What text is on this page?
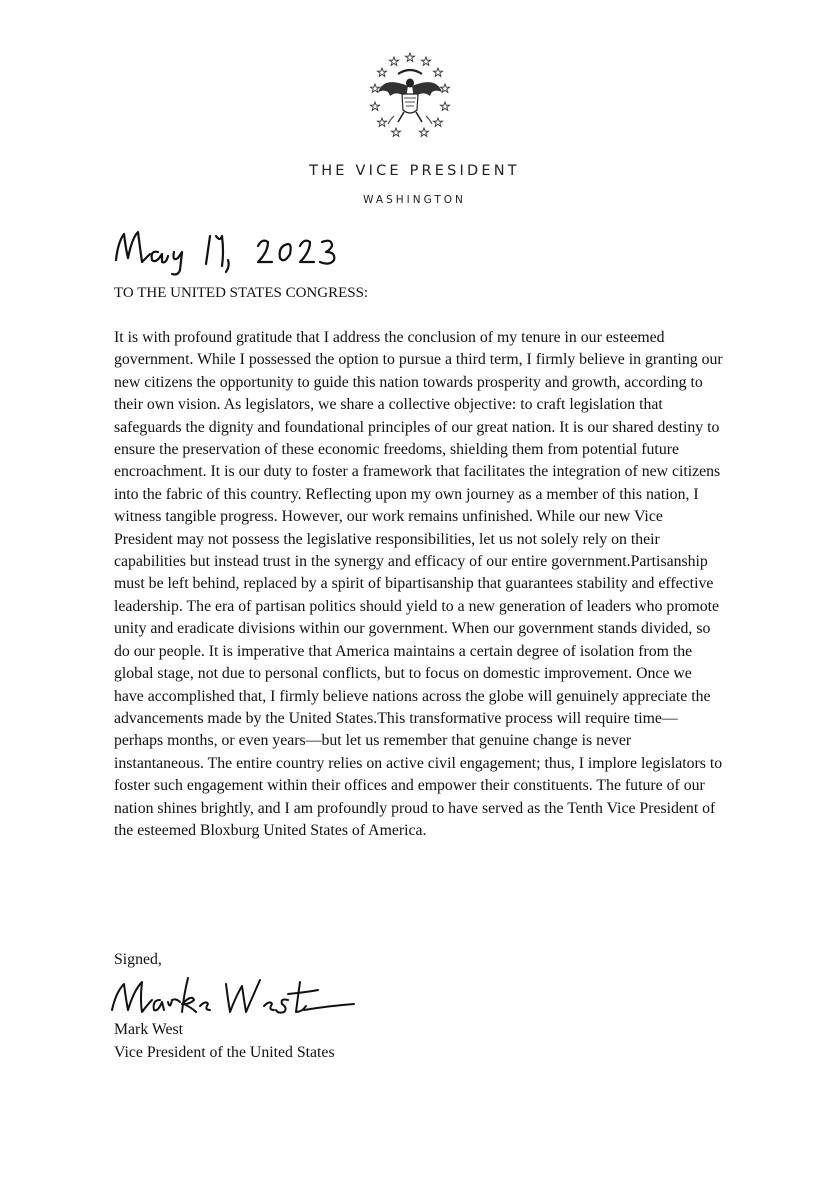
THE VICE PRESIDENT
WASHINGTON
TO THE UNITED STATES CONGRESS:

It is with profound gratitude that I address the conclusion of my tenure in our esteemed government. While I possessed the option to pursue a third term, I firmly believe in granting our new citizens the opportunity to guide this nation towards prosperity and growth, according to their own vision. As legislators, we share a collective objective: to craft legislation that safeguards the dignity and foundational principles of our great nation. It is our shared destiny to ensure the preservation of these economic freedoms, shielding them from potential future encroachment. It is our duty to foster a framework that facilitates the integration of new citizens into the fabric of this country. Reflecting upon my own journey as a member of this nation, I witness tangible progress. However, our work remains unfinished. While our new Vice President may not possess the legislative responsibilities, let us not solely rely on their capabilities but instead trust in the synergy and efficacy of our entire government.Partisanship must be left behind, replaced by a spirit of bipartisanship that guarantees stability and effective leadership. The era of partisan politics should yield to a new generation of leaders who promote unity and eradicate divisions within our government. When our government stands divided, so do our people. It is imperative that America maintains a certain degree of isolation from the global stage, not due to personal conflicts, but to focus on domestic improvement. Once we have accomplished that, I firmly believe nations across the globe will genuinely appreciate the advancements made by the United States.This transformative process will require time—perhaps months, or even years—but let us remember that genuine change is never instantaneous. The entire country relies on active civil engagement; thus, I implore legislators to foster such engagement within their offices and empower their constituents. The future of our nation shines brightly, and I am profoundly proud to have served as the Tenth Vice President of the esteemed Bloxburg United States of America.

Signed,
Mark West
Vice President of the United States
